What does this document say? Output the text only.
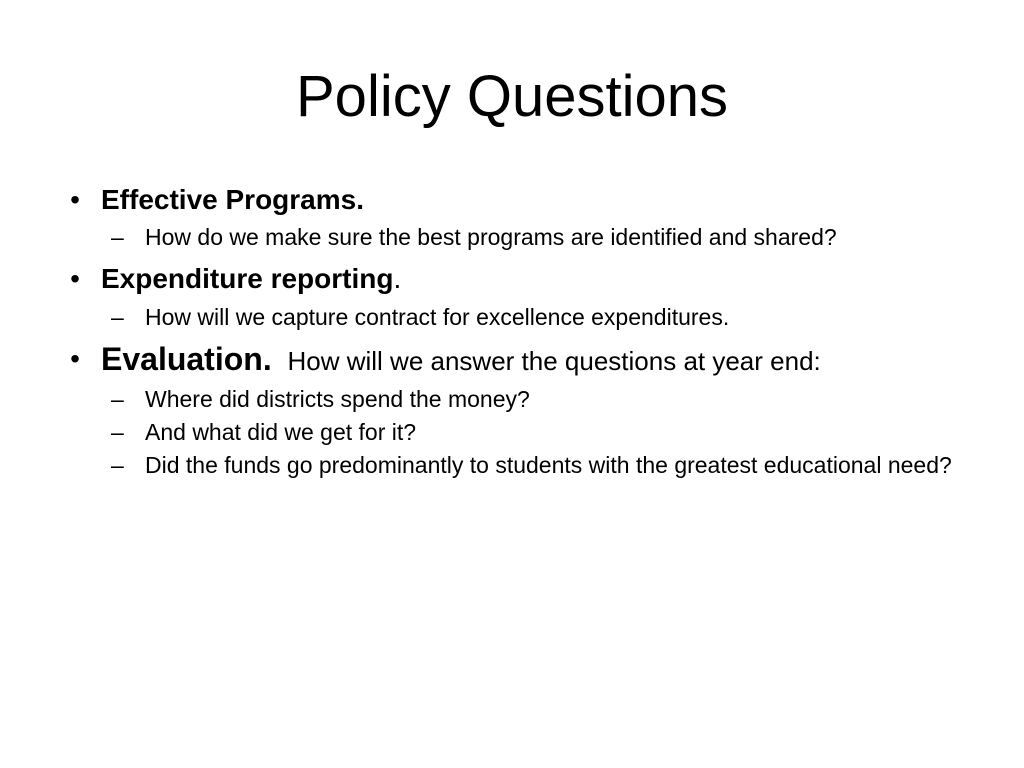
Policy Questions
• Effective Programs.
– How do we make sure the best programs are identified and shared?
• Expenditure reporting.
– How will we capture contract for excellence expenditures.
• Evaluation. How will we answer the questions at year end:
– Where did districts spend the money?
– And what did we get for it?
– Did the funds go predominantly to students with the greatest educational need?
